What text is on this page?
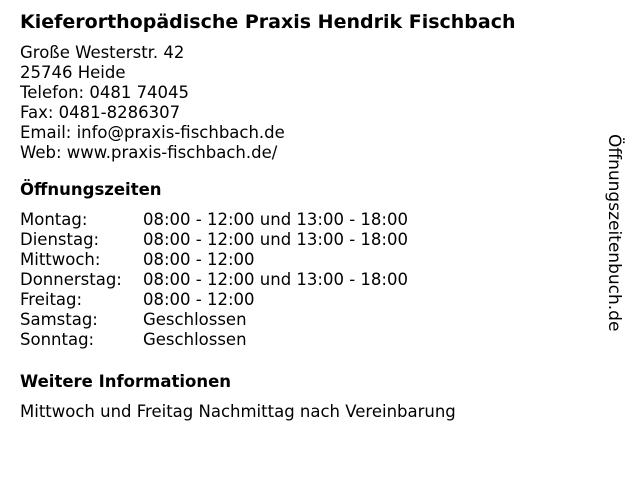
Kieferorthopädische Praxis Hendrik Fischbach
Große Westerstr. 42
25746 Heide
Telefon: 0481 74045
Fax: 0481-8286307
Email: info@praxis-fischbach.de
Web: www.praxis-fischbach.de/
Öffnungszeiten
Montag:	08:00 - 12:00 und 13:00 - 18:00
Dienstag:	08:00 - 12:00 und 13:00 - 18:00
Mittwoch:	08:00 - 12:00
Donnerstag:	08:00 - 12:00 und 13:00 - 18:00
Freitag:	08:00 - 12:00
Samstag:	Geschlossen
Sonntag:	Geschlossen
Weitere Informationen
Mittwoch und Freitag Nachmittag nach Vereinbarung
Öffnungszeitenbuch.de
